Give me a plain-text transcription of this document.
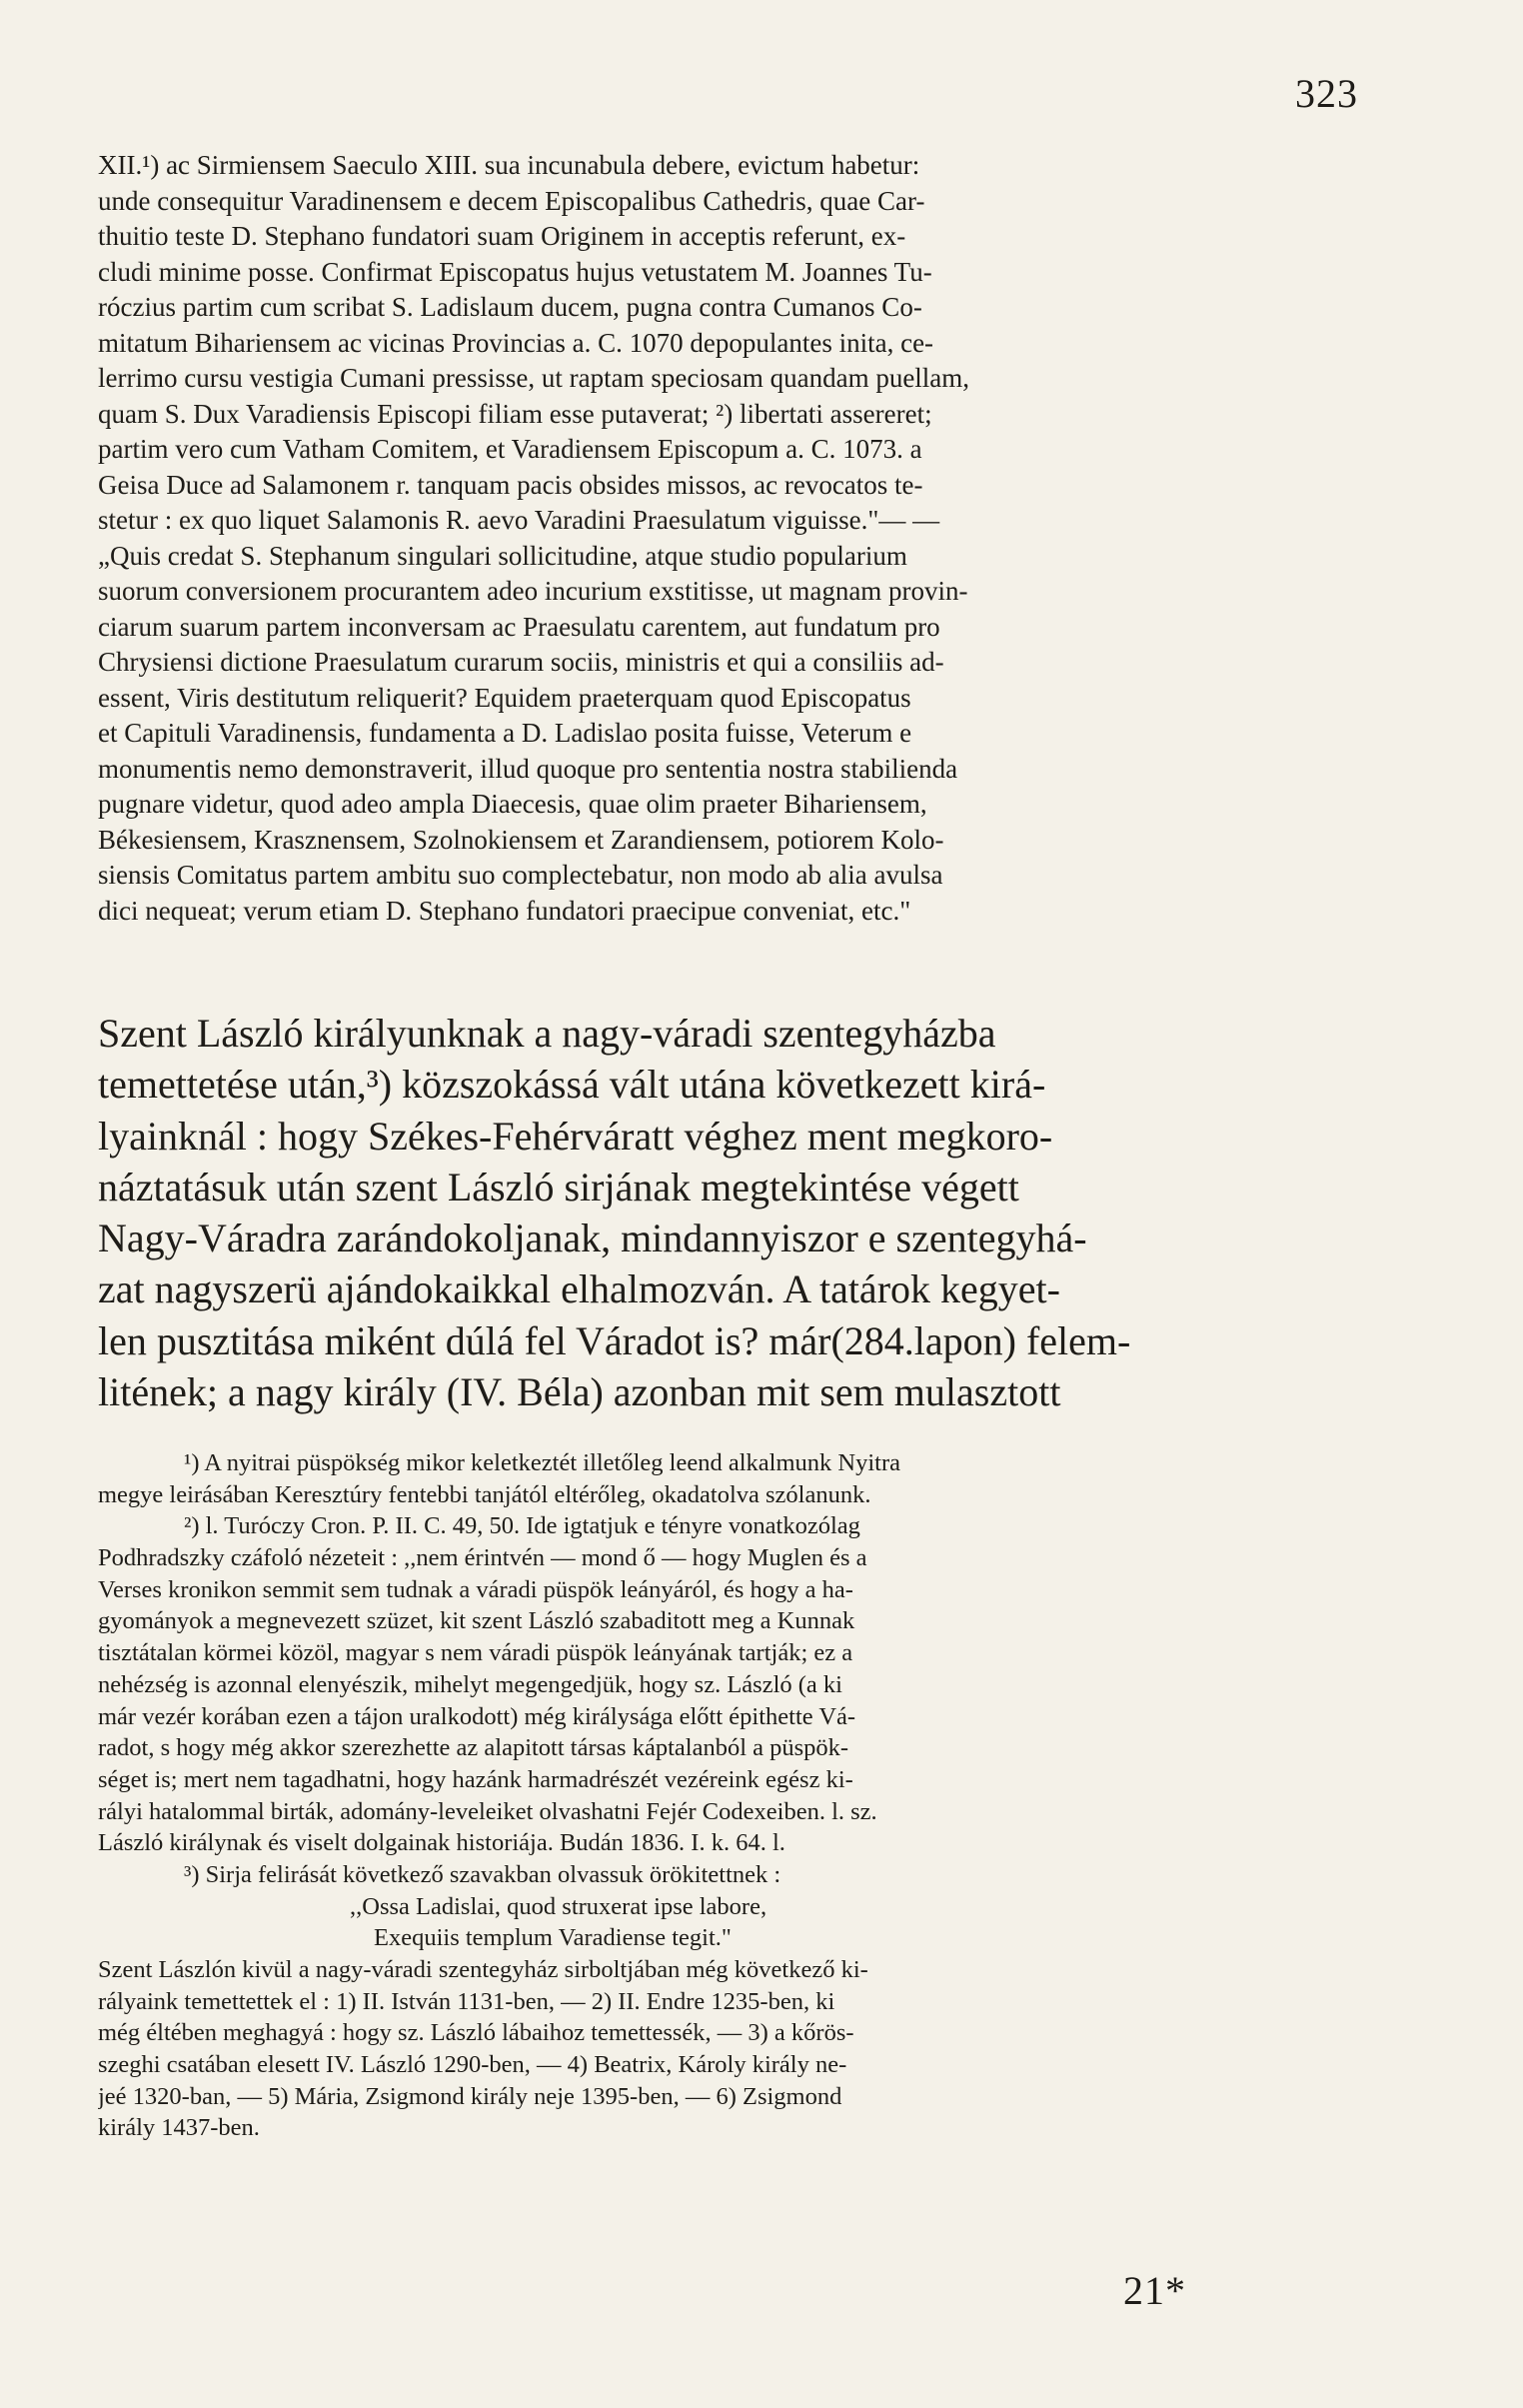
323
XII.¹) ac Sirmiensem Saeculo XIII. sua incunabula debere, evictum habetur:
unde consequitur Varadinensem e decem Episcopalibus Cathedris, quae Car-
thuitio teste D. Stephano fundatori suam Originem in acceptis referunt, ex-
cludi minime posse. Confirmat Episcopatus hujus vetustatem M. Joannes Tu-
róczius partim cum scribat S. Ladislaum ducem, pugna contra Cumanos Co-
mitatum Bihariensem ac vicinas Provincias a. C. 1070 depopulantes inita, ce-
lerrimo cursu vestigia Cumani pressisse, ut raptam speciosam quandam puellam,
quam S. Dux Varadiensis Episcopi filiam esse putaverat; ²) libertati assereret;
partim vero cum Vatham Comitem, et Varadiensem Episcopum a. C. 1073. a
Geisa Duce ad Salamonem r. tanquam pacis obsides missos, ac revocatos te-
stetur : ex quo liquet Salamonis R. aevo Varadini Praesulatum viguisse."— —
„Quis credat S. Stephanum singulari sollicitudine, atque studio popularium
suorum conversionem procurantem adeo incurium exstitisse, ut magnam provin-
ciarum suarum partem inconversam ac Praesulatu carentem, aut fundatum pro
Chrysiensi dictione Praesulatum curarum sociis, ministris et qui a consiliis ad-
essent, Viris destitutum reliquerit? Equidem praeterquam quod Episcopatus
et Capituli Varadinensis, fundamenta a D. Ladislao posita fuisse, Veterum e
monumentis nemo demonstraverit, illud quoque pro sententia nostra stabilienda
pugnare videtur, quod adeo ampla Diaecesis, quae olim praeter Bihariensem,
Békesiensem, Krasznensem, Szolnokiensem et Zarandiensem, potiorem Kolo-
siensis Comitatus partem ambitu suo complectebatur, non modo ab alia avulsa
dici nequeat; verum etiam D. Stephano fundatori praecipue conveniat, etc."
Szent László királyunknak a nagy-váradi szentegyházba
temettetése után,³) közszokássá vált utána következett kirá-
lyainknál : hogy Székes-Fehérváratt véghez ment megkoro-
náztatásuk után szent László sirjának megtekintése végett
Nagy-Váradra zarándokoljanak, mindannyiszor e szentegyhá-
zat nagyszerü ajándokaikkal elhalmozván. A tatárok kegyet-
len pusztitása miként dúlá fel Váradot is? már(284.lapon) felem-
litének; a nagy király (IV. Béla) azonban mit sem mulasztott
¹) A nyitrai püspökség mikor keletkeztét illetőleg leend alkalmunk Nyitra
megye leirásában Keresztúry fentebbi tanjától eltérőleg, okadatolva szólanunk.
²) l. Turóczy Cron. P. II. C. 49, 50. Ide igtatjuk e tényre vonatkozólag
Podhradszky czáfoló nézeteit : ,,nem érintvén — mond ő — hogy Muglen és a
Verses kronikon semmit sem tudnak a váradi püspök leányáról, és hogy a ha-
gyományok a megnevezett szüzet, kit szent László szabaditott meg a Kunnak
tisztátalan körmei közöl, magyar s nem váradi püspök leányának tartják; ez a
nehézség is azonnal elenyészik, mihelyt megengedjük, hogy sz. László (a ki
már vezér korában ezen a tájon uralkodott) még királysága előtt épithette Vá-
radot, s hogy még akkor szerezhette az alapitott társas káptalanból a püspök-
séget is; mert nem tagadhatni, hogy hazánk harmadrészét vezéreink egész ki-
rályi hatalommal birták, adomány-leveleiket olvashatni Fejér Codexeiben. l. sz.
László királynak és viselt dolgainak historiája. Budán 1836. I. k. 64. l.
³) Sirja felirását következő szavakban olvassuk örökitettnek :
,,Ossa Ladislai, quod struxerat ipse labore,
Exequiis templum Varadiense tegit."
Szent Lászlón kivül a nagy-váradi szentegyház sirboltjában még következő ki-
rályaink temettettek el : 1) II. István 1131-ben, — 2) II. Endre 1235-ben, ki
még éltében meghagyá : hogy sz. László lábaihoz temettessék, — 3) a kőrös-
szeghi csatában elesett IV. László 1290-ben, — 4) Beatrix, Károly király ne-
jeé 1320-ban, — 5) Mária, Zsigmond király neje 1395-ben, — 6) Zsigmond
király 1437-ben.
21*
